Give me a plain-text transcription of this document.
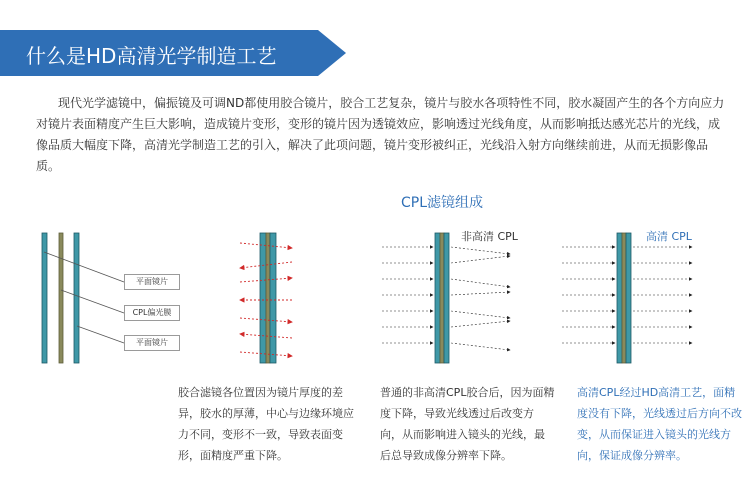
什么是HD高清光学制造工艺
现代光学滤镜中，偏振镜及可调ND都使用胶合镜片，胶合工艺复杂，镜片与胶水各项特性不同，胶水凝固产生的各个方向应力对镜片表面精度产生巨大影响，造成镜片变形，变形的镜片因为透镜效应，影响透过光线角度，从而影响抵达感光芯片的光线，成像品质大幅度下降，高清光学制造工艺的引入，解决了此项问题，镜片变形被纠正，光线沿入射方向继续前进，从而无损影像品质。
CPL滤镜组成
平面镜片
CPL偏光膜
平面镜片
非高清 CPL	高清 CPL
胶合滤镜各位置因为镜片厚度的差异，胶水的厚薄，中心与边缘环境应力不同，变形不一致，导致表面变形，面精度严重下降。
普通的非高清CPL胶合后，因为面精度下降，导致光线透过后改变方向，从而影响进入镜头的光线，最后总导致成像分辨率下降。
高清CPL经过HD高清工艺，面精度没有下降，光线透过后方向不改变，从而保证进入镜头的光线方向，保证成像分辨率。
